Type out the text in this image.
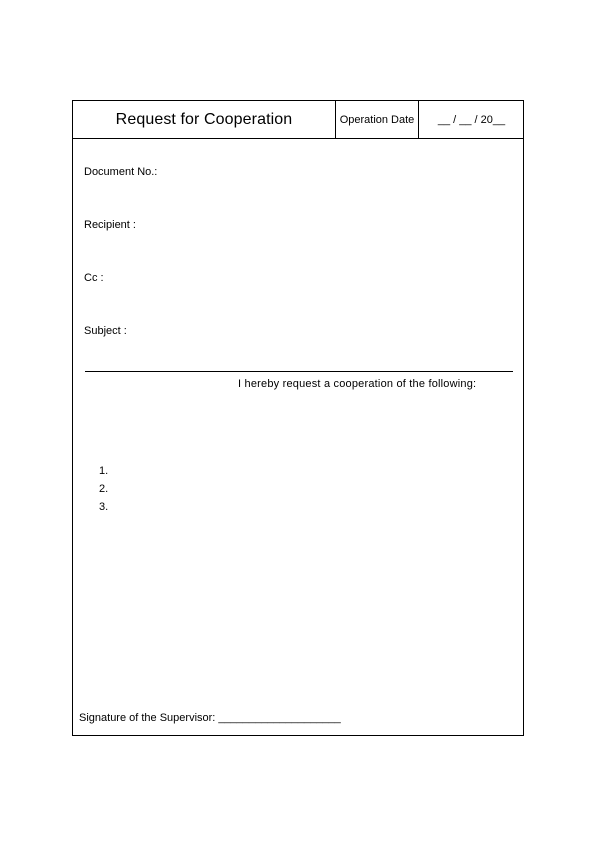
Request for Cooperation	Operation Date	__ / __ / 20__
Document No.:
Recipient :
Cc :
Subject :
I hereby request a cooperation of the following:
1.
2.
3.
Signature of the Supervisor: ____________________
